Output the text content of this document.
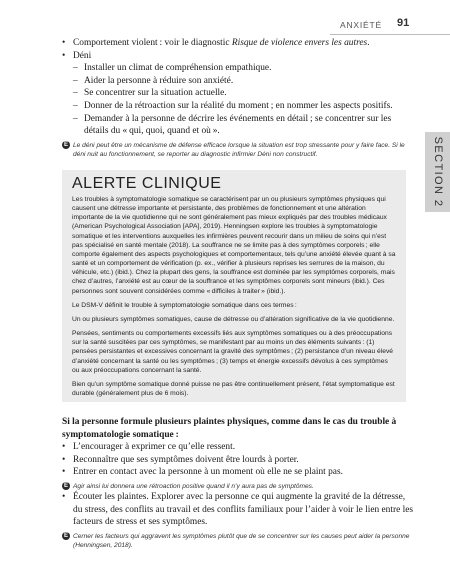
ANXIÉTÉ 91
SECTION 2
• Comportement violent : voir le diagnostic Risque de violence envers les autres.
• Déni
– Installer un climat de compréhension empathique.
– Aider la personne à réduire son anxiété.
– Se concentrer sur la situation actuelle.
– Donner de la rétroaction sur la réalité du moment ; en nommer les aspects positifs.
– Demander à la personne de décrire les événements en détail ; se concentrer sur les détails du « qui, quoi, quand et où ».
E Le déni peut être un mécanisme de défense efficace lorsque la situation est trop stressante pour y faire face. Si le déni nuit au fonctionnement, se reporter au diagnostic infirmier Déni non constructif.
ALERTE CLINIQUE

Les troubles à symptomatologie somatique se caractérisent par un ou plusieurs symptômes physiques qui causent une détresse importante et persistante, des problèmes de fonctionnement et une altération importante de la vie quotidienne qui ne sont généralement pas mieux expliqués par des troubles médicaux (American Psychological Association [APA], 2019). Henningsen explore les troubles à symptomatologie somatique et les interventions auxquelles les infirmières peuvent recourir dans un milieu de soins qui n’est pas spécialisé en santé mentale (2018). La souffrance ne se limite pas à des symptômes corporels ; elle comporte également des aspects psychologiques et comportementaux, tels qu’une anxiété élevée quant à sa santé et un comportement de vérification (p. ex., vérifier à plusieurs reprises les serrures de la maison, du véhicule, etc.) (ibid.). Chez la plupart des gens, la souffrance est dominée par les symptômes corporels, mais chez d’autres, l’anxiété est au cœur de la souffrance et les symptômes corporels sont mineurs (ibid.). Ces personnes sont souvent considérées comme « difficiles à traiter » (ibid.).

Le DSM-V définit le trouble à symptomatologie somatique dans ces termes :

Un ou plusieurs symptômes somatiques, cause de détresse ou d’altération significative de la vie quotidienne.

Pensées, sentiments ou comportements excessifs liés aux symptômes somatiques ou à des préoccupations sur la santé suscitées par ces symptômes, se manifestant par au moins un des éléments suivants : (1) pensées persistantes et excessives concernant la gravité des symptômes ; (2) persistance d’un niveau élevé d’anxiété concernant la santé ou les symptômes ; (3) temps et énergie excessifs dévolus à ces symptômes ou aux préoccupations concernant la santé.

Bien qu’un symptôme somatique donné puisse ne pas être continuellement présent, l’état symptomatique est durable (généralement plus de 6 mois).

Si la personne formule plusieurs plaintes physiques, comme dans le cas du trouble à symptomatologie somatique :

• L’encourager à exprimer ce qu’elle ressent.
• Reconnaître que ses symptômes doivent être lourds à porter.
• Entrer en contact avec la personne à un moment où elle ne se plaint pas.
E Agir ainsi lui donnera une rétroaction positive quand il n’y aura pas de symptômes.
• Écouter les plaintes. Explorer avec la personne ce qui augmente la gravité de la détresse, du stress, des conflits au travail et des conflits familiaux pour l’aider à voir le lien entre les facteurs de stress et ses symptômes.
E Cerner les facteurs qui aggravent les symptômes plutôt que de se concentrer sur les causes peut aider la personne (Henningsen, 2018).
